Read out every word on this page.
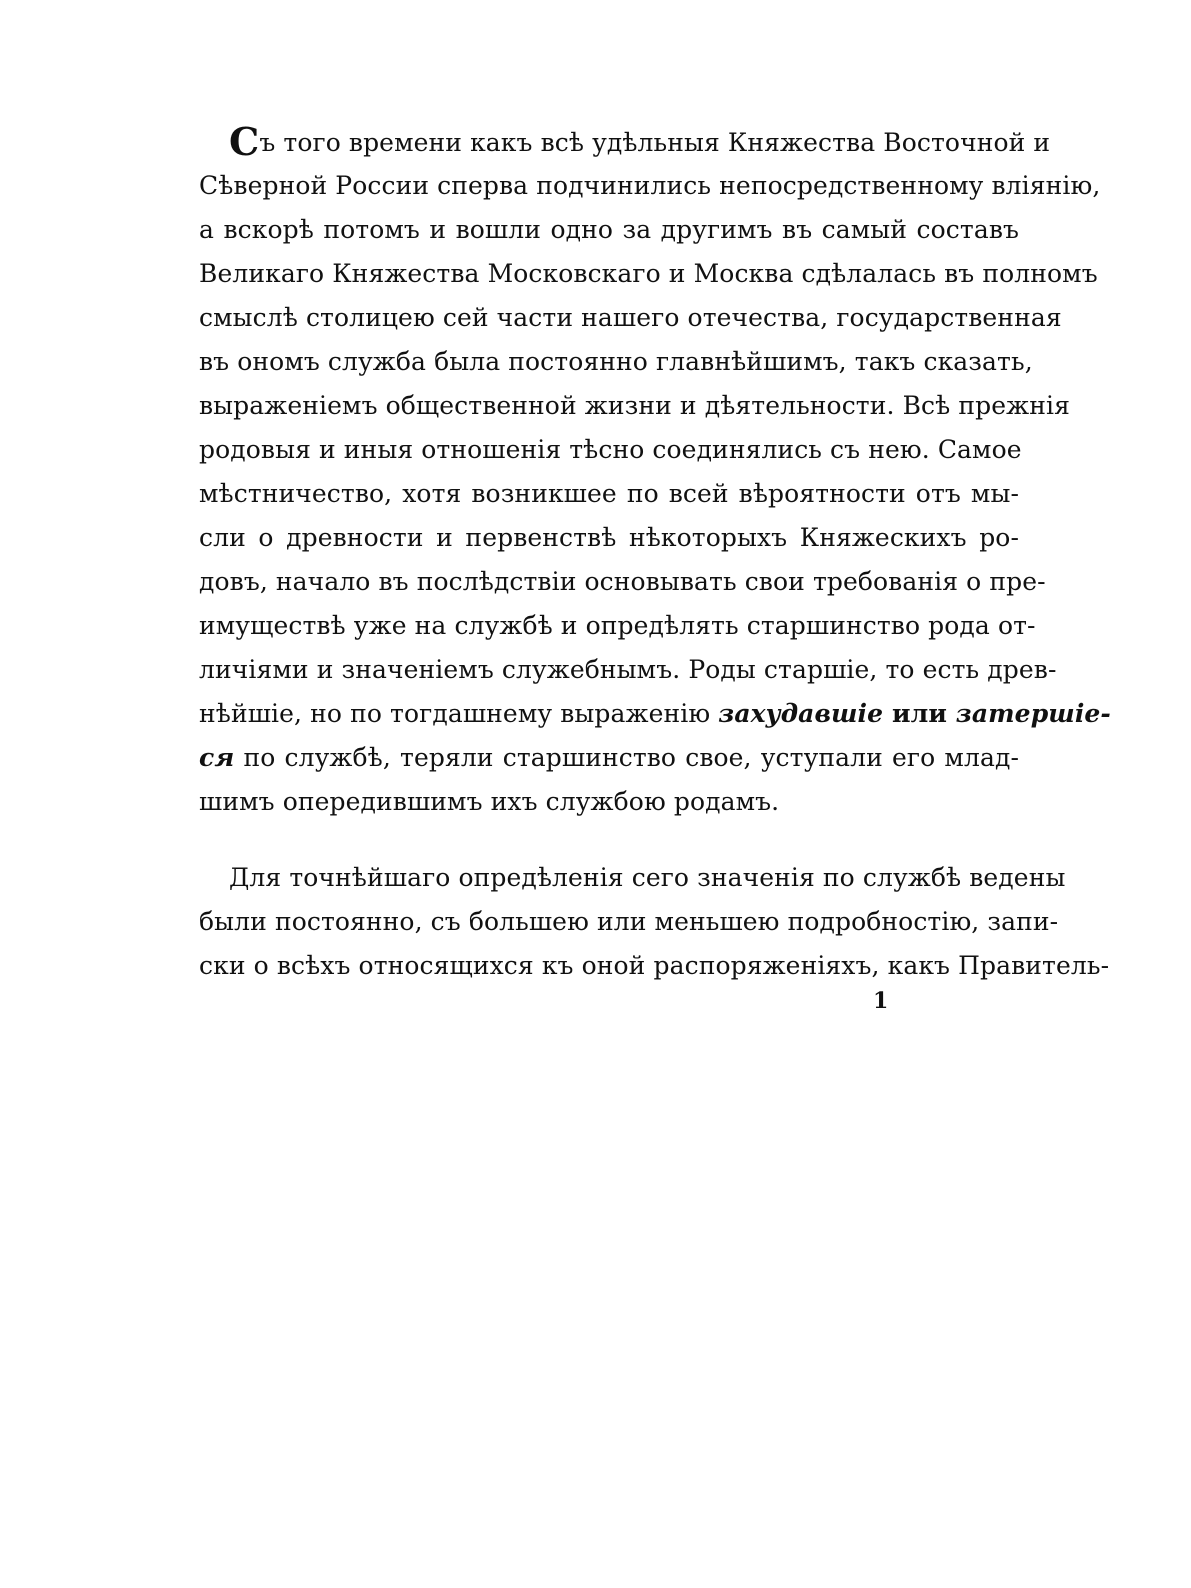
Съ того времени какъ всѣ удѣльныя Княжества Восточной и
Сѣверной России сперва подчинились непосредственному вліянію,
а вскорѣ потомъ и вошли одно за другимъ въ самый составъ
Великаго Княжества Московскаго и Москва сдѣлалась въ полномъ
смыслѣ столицею сей части нашего отечества, государственная
въ ономъ служба была постоянно главнѣйшимъ, такъ сказать,
выраженіемъ общественной жизни и дѣятельности. Всѣ прежнія
родовыя и иныя отношенія тѣсно соединялись съ нею. Самое
мѣстничество, хотя возникшее по всей вѣроятности отъ мы-
сли о древности и первенствѣ нѣкоторыхъ Княжескихъ ро-
довъ, начало въ послѣдствіи основывать свои требованія о пре-
имуществѣ уже на службѣ и опредѣлять старшинство рода от-
личіями и значеніемъ служебнымъ. Роды старшіе, то есть древ-
нѣйшіе, но по тогдашнему выраженію захудавшіе или затершіе-
ся по службѣ, теряли старшинство свое, уступали его млад-
шимъ опередившимъ ихъ службою родамъ.
Для точнѣйшаго опредѣленія сего значенія по службѣ ведены
были постоянно, съ большею или меньшею подробностію, запи-
ски о всѣхъ относящихся къ оной распоряженіяхъ, какъ Правитель-
1
